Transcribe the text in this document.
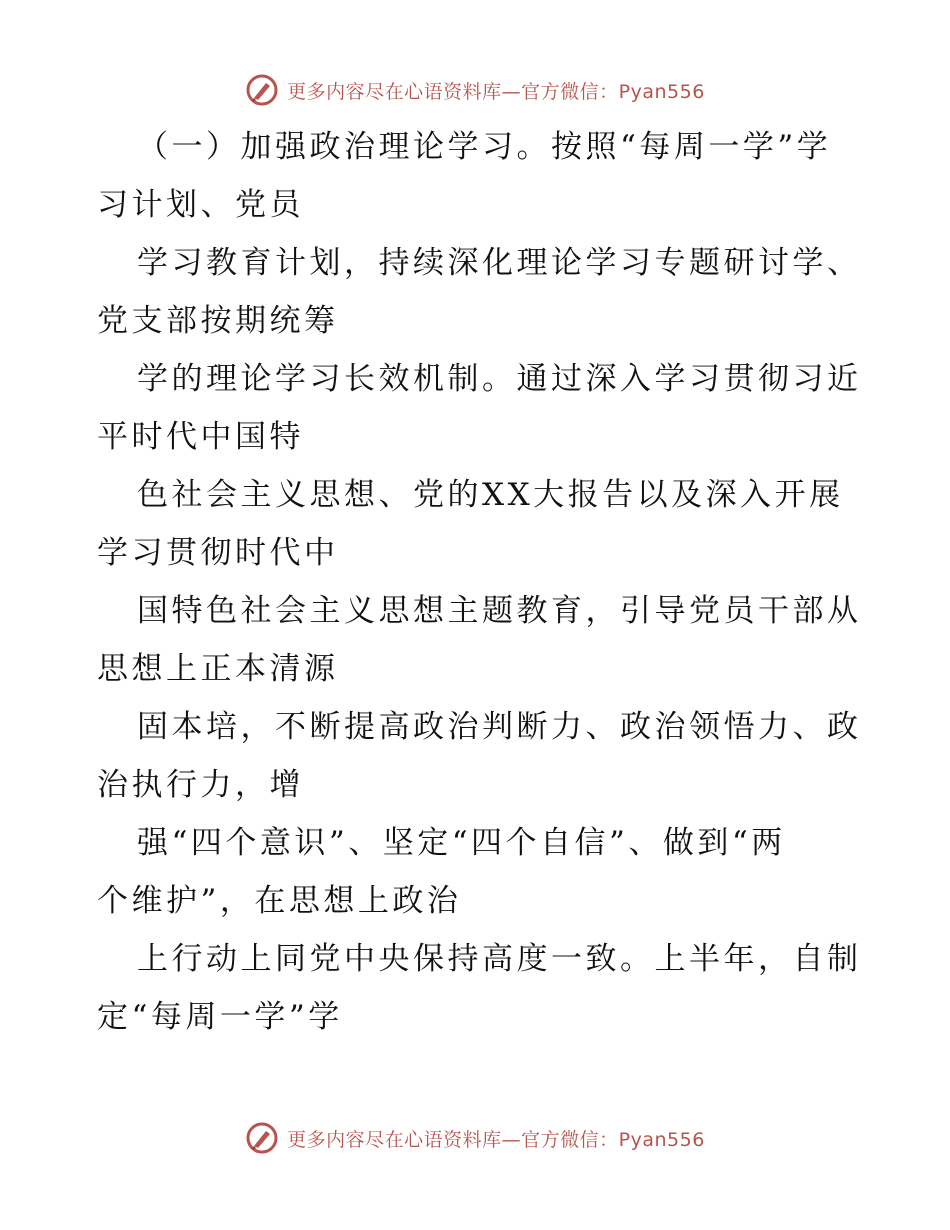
更多内容尽在心语资料库—官方微信：Pyan556
（一）加强政治理论学习。按照“每周一学”学
习计划、党员
学习教育计划，持续深化理论学习专题研讨学、
党支部按期统筹
学的理论学习长效机制。通过深入学习贯彻习近
平时代中国特
色社会主义思想、党的XX大报告以及深入开展
学习贯彻时代中
国特色社会主义思想主题教育，引导党员干部从
思想上正本清源
固本培，不断提高政治判断力、政治领悟力、政
治执行力，增
强“四个意识”、坚定“四个自信”、做到“两
个维护”，在思想上政治
上行动上同党中央保持高度一致。上半年，自制
定“每周一学”学
更多内容尽在心语资料库—官方微信：Pyan556
